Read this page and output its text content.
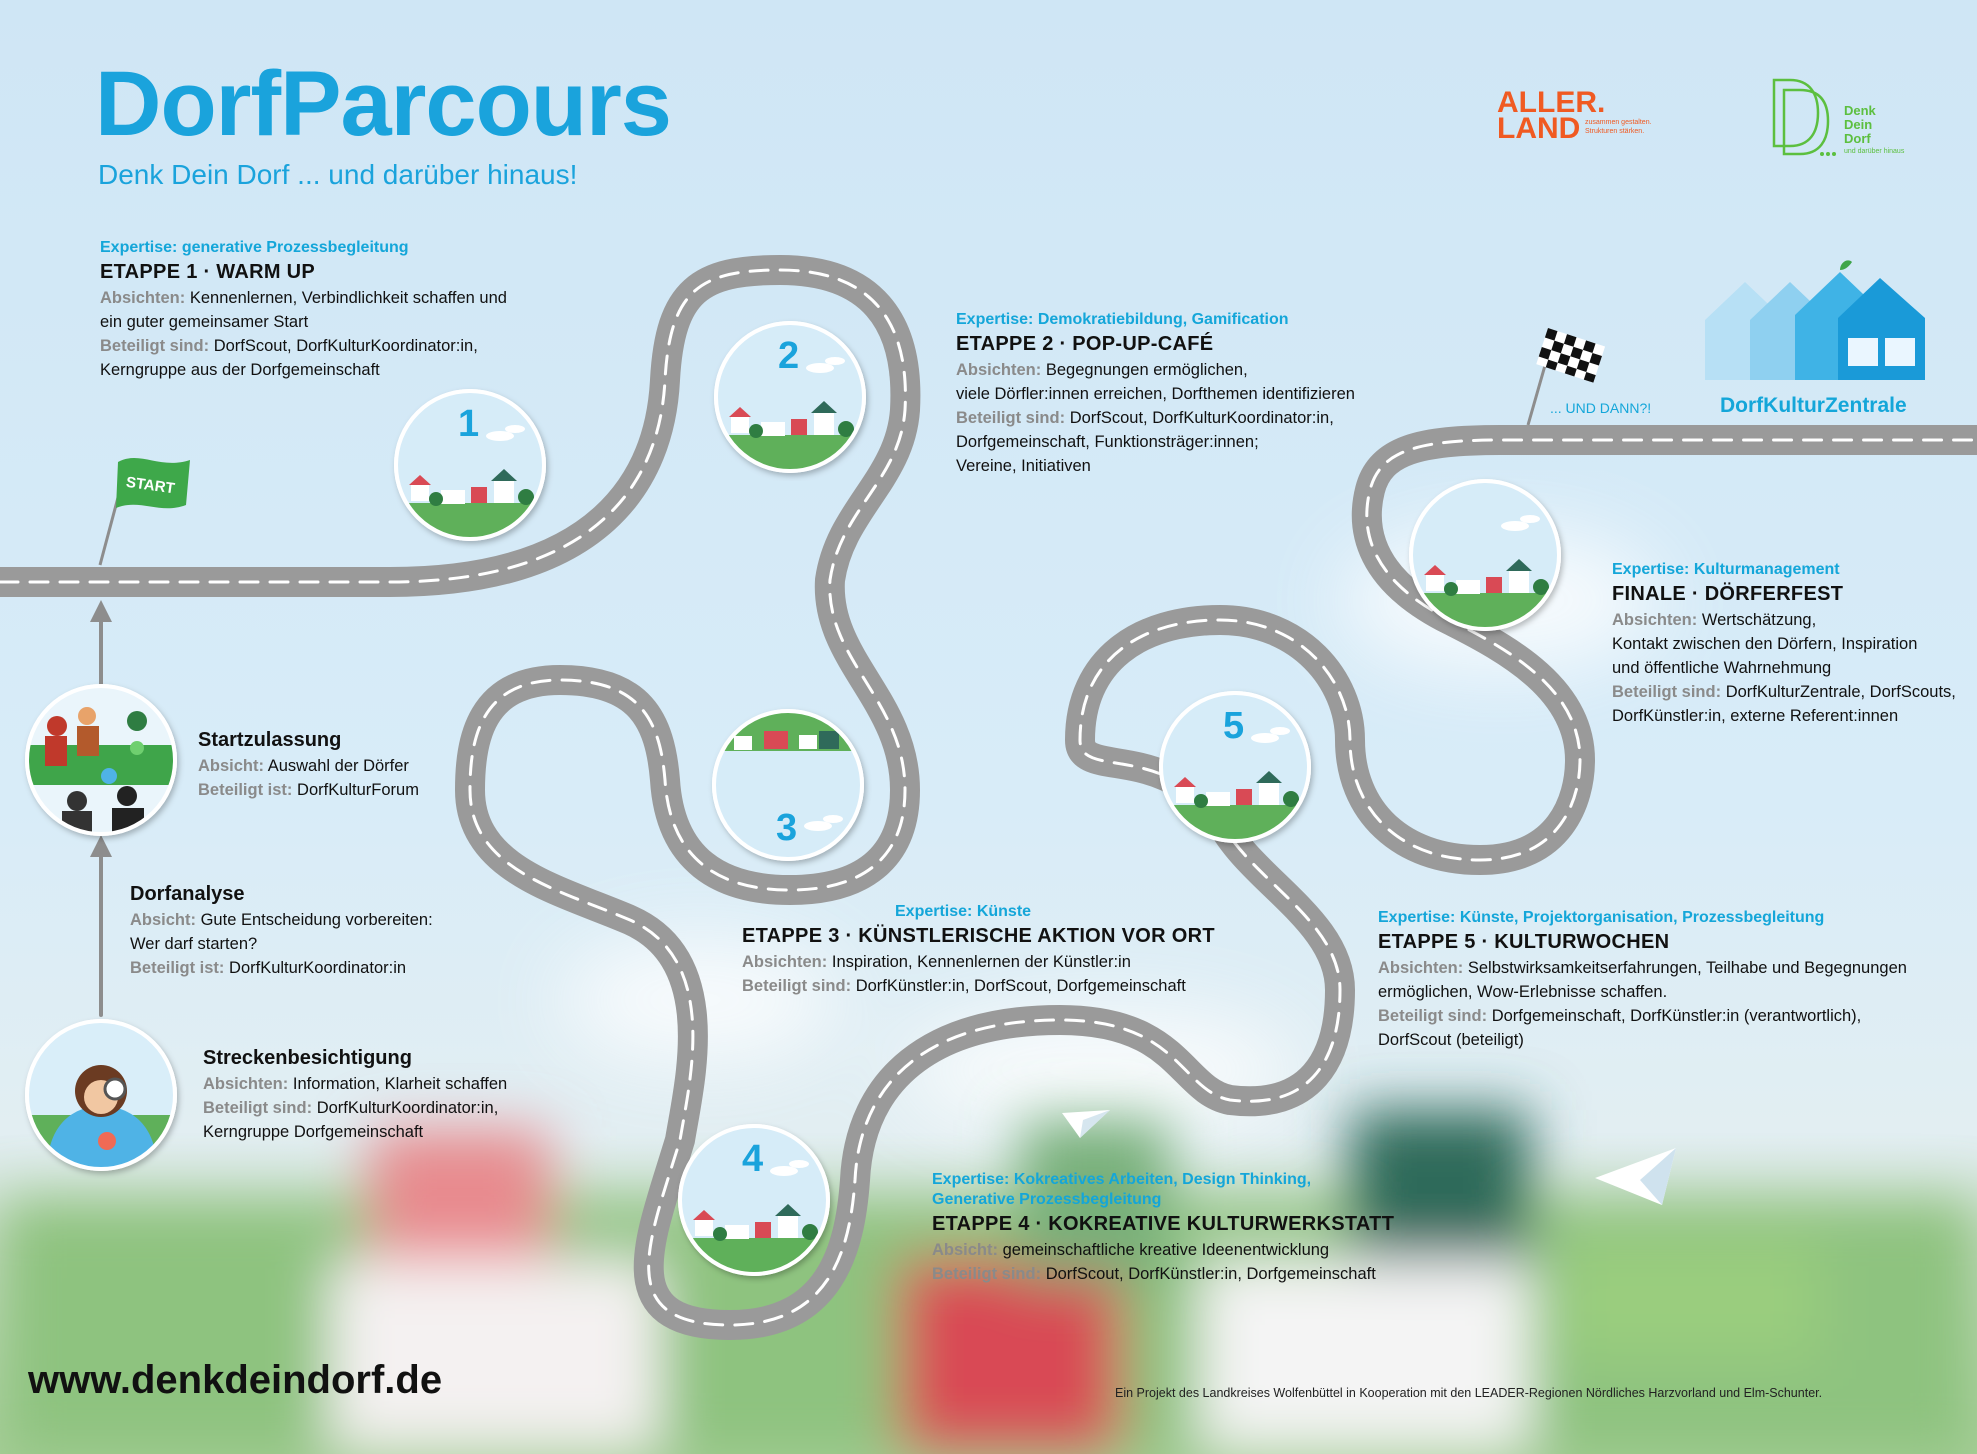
START
DorfParcours
Denk Dein Dorf ... und darüber hinaus!
ALLER.
LAND zusammen gestalten.
Strukturen stärken.
Denk
Dein
Dorf
und darüber hinaus
... UND DANN?!	DorfKulturZentrale
1
2
3
4
5
Expertise: generative Prozessbegleitung
ETAPPE 1 · WARM UP
Absichten: Kennenlernen, Verbindlichkeit schaffen und
ein guter gemeinsamer Start
Beteiligt sind: DorfScout, DorfKulturKoordinator:in,
Kerngruppe aus der Dorfgemeinschaft
Expertise: Demokratiebildung, Gamification
ETAPPE 2 · POP-UP-CAFÉ
Absichten: Begegnungen ermöglichen,
viele Dörfler:innen erreichen, Dorfthemen identifizieren
Beteiligt sind: DorfScout, DorfKulturKoordinator:in,
Dorfgemeinschaft, Funktionsträger:innen;
Vereine, Initiativen
Expertise: Künste
ETAPPE 3 · KÜNSTLERISCHE AKTION VOR ORT
Absichten: Inspiration, Kennenlernen der Künstler:in
Beteiligt sind: DorfKünstler:in, DorfScout, Dorfgemeinschaft
Expertise: Kokreatives Arbeiten, Design Thinking,
Generative Prozessbegleitung
ETAPPE 4 · KOKREATIVE KULTURWERKSTATT
Absicht: gemeinschaftliche kreative Ideenentwicklung
Beteiligt sind: DorfScout, DorfKünstler:in, Dorfgemeinschaft
Expertise: Künste, Projektorganisation, Prozessbegleitung
ETAPPE 5 · KULTURWOCHEN
Absichten: Selbstwirksamkeitserfahrungen, Teilhabe und Begegnungen
ermöglichen, Wow-Erlebnisse schaffen.
Beteiligt sind: Dorfgemeinschaft, DorfKünstler:in (verantwortlich),
DorfScout (beteiligt)
Expertise: Kulturmanagement
FINALE · DÖRFERFEST
Absichten: Wertschätzung,
Kontakt zwischen den Dörfern, Inspiration
und öffentliche Wahrnehmung
Beteiligt sind: DorfKulturZentrale, DorfScouts,
DorfKünstler:in, externe Referent:innen
Startzulassung
Absicht: Auswahl der Dörfer
Beteiligt ist: DorfKulturForum
Dorfanalyse
Absicht: Gute Entscheidung vorbereiten:
Wer darf starten?
Beteiligt ist: DorfKulturKoordinator:in
Streckenbesichtigung
Absichten: Information, Klarheit schaffen
Beteiligt sind: DorfKulturKoordinator:in,
Kerngruppe Dorfgemeinschaft
www.denkdeindorf.de	Ein Projekt des Landkreises Wolfenbüttel in Kooperation mit den LEADER-Regionen Nördliches Harzvorland und Elm-Schunter.
